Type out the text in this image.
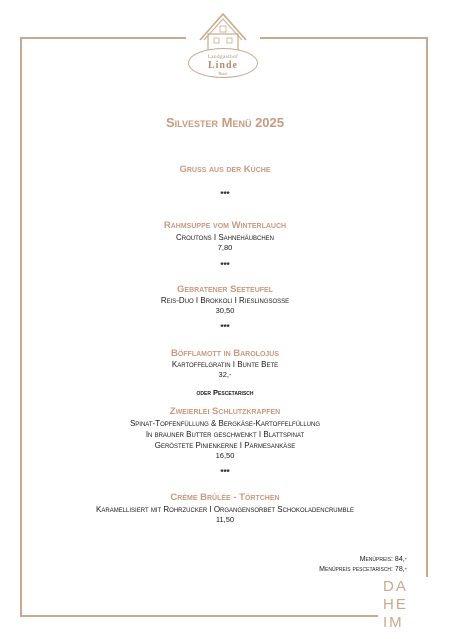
Landgasthof
Linde
Hotel
Silvester Menü 2025
Gruß aus der Küche
***
Rahmsuppe vom Winterlauch
Croutons I Sahnehäubchen
7,80
***
Gebratener Seeteufel
Reis-Duo I Brokkoli I Rieslingsoße
30,50
***
Böfflamott in Barolojus
Kartoffelgratin I Bunte Bete
32,-
oder Pescetarisch
Zweierlei Schlutzkrapfen
Spinat-Topfenfüllung & Bergkäse-Kartoffelfüllung
In brauner Butter geschwenkt I Blattspinat
Geröstete Pinienkerne I Parmesankäse
16,50
***
Crème Brûlée - Törtchen
Karamellisiert mit Rohrzucker I Organgensorbet Schokoladencrumble
11,50
Menüpreis: 84,-
Menüpreis pescetarisch: 78,-
DA
HE
IM
